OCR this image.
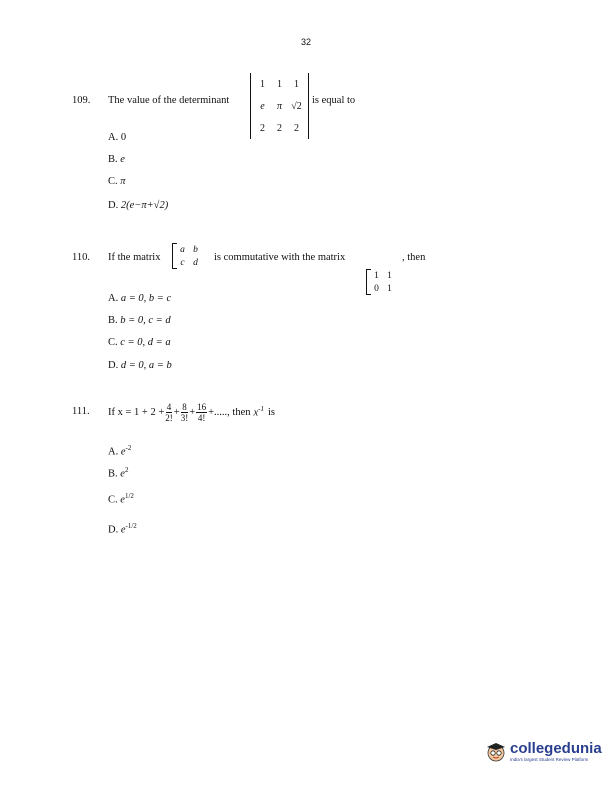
32
109. The value of the determinant
1	1	1
e	π √2
2	2	2
is equal to
A. 0
B. e
C. π
D. 2(e−π+√2)
110. If the matrix
a b
c d	is commutative with the matrix
1 1
0 1
, then
A. a = 0, b = c
B. b = 0, c = d
C. c = 0, d = a
D. d = 0, a = b
111. If $x = 1 + 2 + \frac{4}{2!} + \frac{8}{3!} + \frac{16}{4!}$ +....., then $x^{-1}$ is
A. $e^{-2}$
B. $e^2$
C. $e^{1/2}$
D. $e^{-1/2}$
collegedunia
India's largest Student Review Platform
